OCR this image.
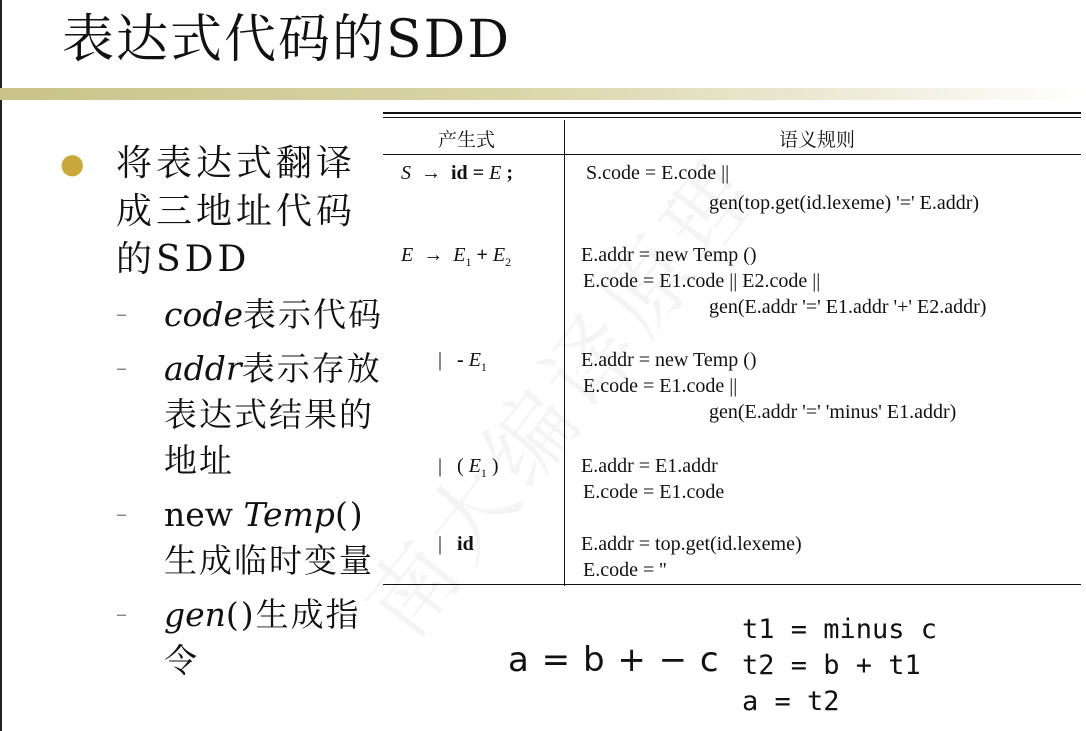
表达式代码的SDD
● 将表达式翻译成三地址代码的SDD
– code表示代码
– addr表示存放表达式结果的地址
– new Temp()生成临时变量
– gen()生成指令
产生式	语义规则
S → id = E ;	S.code = E.code ||
gen(top.get(id.lexeme) '=' E.addr)
$E \to E_1 + E_2$	E.addr = new Temp ()
E.code = E1.code || E2.code ||
gen(E.addr '=' E1.addr '+' E2.addr)
| - $E_1$	E.addr = new Temp ()
E.code = E1.code ||
gen(E.addr '=' 'minus' E1.addr)
| ( $E_1$ )	E.addr = E1.addr
E.code = E1.code
| id	E.addr = top.get(id.lexeme)
E.code = ''
a = b + − c
t1 = minus c
t2 = b + t1
a = t2
